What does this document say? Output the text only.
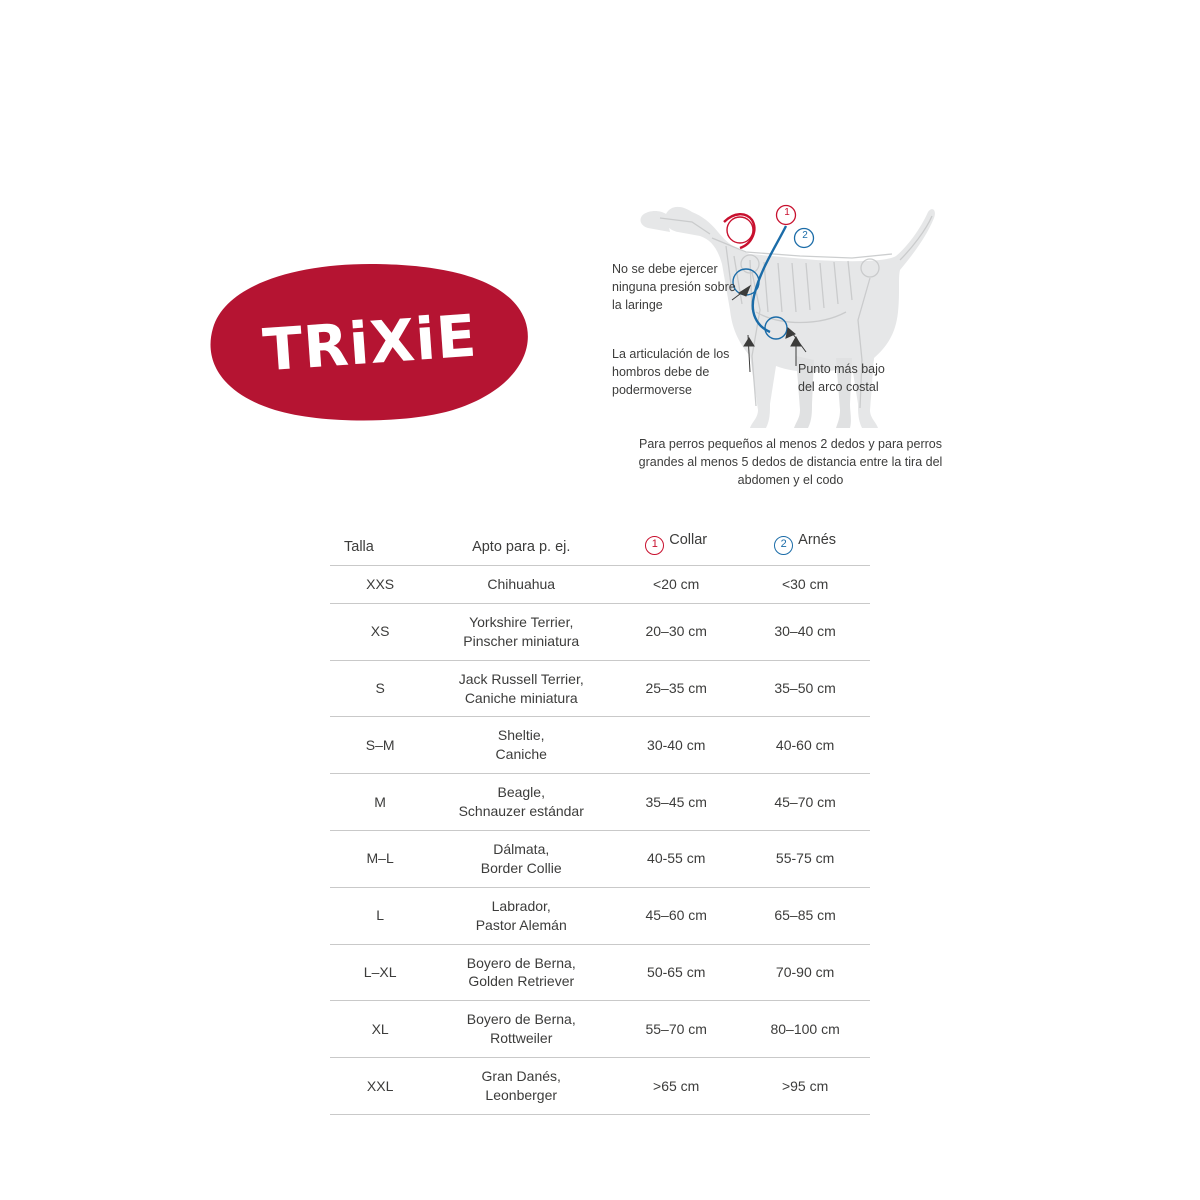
TRiXiE
1
2
No se debe ejercer ninguna presión sobre la laringe
La articulación de los hombros debe de podermoverse
Punto más bajo del arco costal
Para perros pequeños al menos 2 dedos y para perros grandes al menos 5 dedos de distancia entre la tira del abdomen y el codo
Talla	Apto para p. ej.	1 Collar	2 Arnés
XXS	Chihuahua	<20 cm	<30 cm
XS	Yorkshire Terrier,
Pinscher miniatura	20–30 cm	30–40 cm
S	Jack Russell Terrier,
Caniche miniatura	25–35 cm	35–50 cm
S–M	Sheltie,
Caniche	30-40 cm	40-60 cm
M	Beagle,
Schnauzer estándar	35–45 cm	45–70 cm
M–L	Dálmata,
Border Collie	40-55 cm	55-75 cm
L	Labrador,
Pastor Alemán	45–60 cm	65–85 cm
L–XL	Boyero de Berna,
Golden Retriever	50-65 cm	70-90 cm
XL	Boyero de Berna,
Rottweiler	55–70 cm	80–100 cm
XXL	Gran Danés,
Leonberger	>65 cm	>95 cm
